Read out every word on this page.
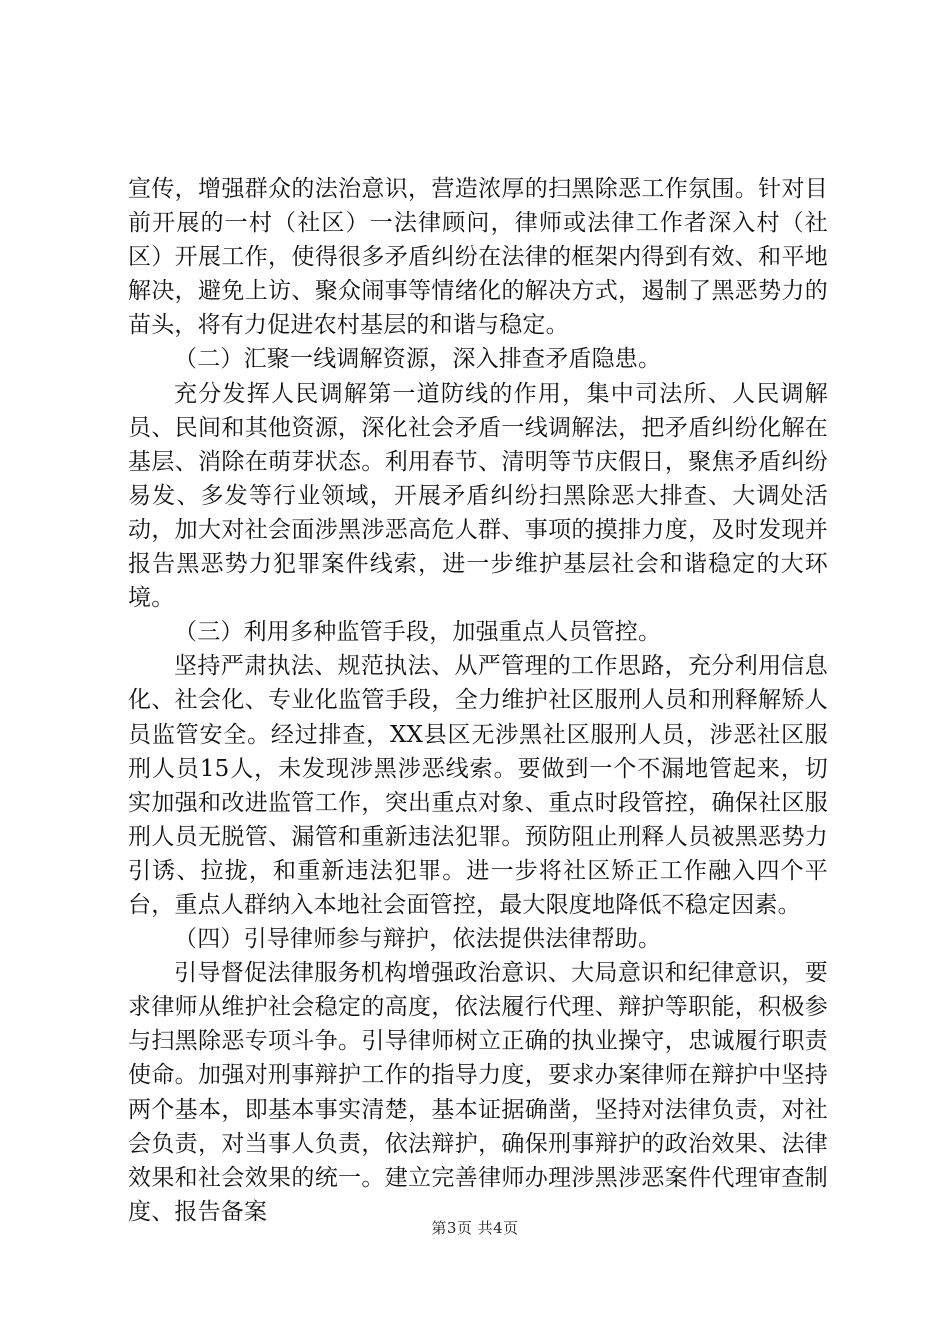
宣传，增强群众的法治意识，营造浓厚的扫黑除恶工作氛围。针对目前开展的一村（社区）一法律顾问，律师或法律工作者深入村（社区）开展工作，使得很多矛盾纠纷在法律的框架内得到有效、和平地解决，避免上访、聚众闹事等情绪化的解决方式，遏制了黑恶势力的苗头，将有力促进农村基层的和谐与稳定。

（二）汇聚一线调解资源，深入排查矛盾隐患。

充分发挥人民调解第一道防线的作用，集中司法所、人民调解员、民间和其他资源，深化社会矛盾一线调解法，把矛盾纠纷化解在基层、消除在萌芽状态。利用春节、清明等节庆假日，聚焦矛盾纠纷易发、多发等行业领域，开展矛盾纠纷扫黑除恶大排查、大调处活动，加大对社会面涉黑涉恶高危人群、事项的摸排力度，及时发现并报告黑恶势力犯罪案件线索，进一步维护基层社会和谐稳定的大环境。

（三）利用多种监管手段，加强重点人员管控。

坚持严肃执法、规范执法、从严管理的工作思路，充分利用信息化、社会化、专业化监管手段，全力维护社区服刑人员和刑释解矫人员监管安全。经过排查，XX县区无涉黑社区服刑人员，涉恶社区服刑人员15人，未发现涉黑涉恶线索。要做到一个不漏地管起来，切实加强和改进监管工作，突出重点对象、重点时段管控，确保社区服刑人员无脱管、漏管和重新违法犯罪。预防阻止刑释人员被黑恶势力引诱、拉拢，和重新违法犯罪。进一步将社区矫正工作融入四个平台，重点人群纳入本地社会面管控，最大限度地降低不稳定因素。

（四）引导律师参与辩护，依法提供法律帮助。

引导督促法律服务机构增强政治意识、大局意识和纪律意识，要求律师从维护社会稳定的高度，依法履行代理、辩护等职能，积极参与扫黑除恶专项斗争。引导律师树立正确的执业操守，忠诚履行职责使命。加强对刑事辩护工作的指导力度，要求办案律师在辩护中坚持两个基本，即基本事实清楚，基本证据确凿，坚持对法律负责，对社会负责，对当事人负责，依法辩护，确保刑事辩护的政治效果、法律效果和社会效果的统一。建立完善律师办理涉黑涉恶案件代理审查制度、报告备案

第3页 共4页
